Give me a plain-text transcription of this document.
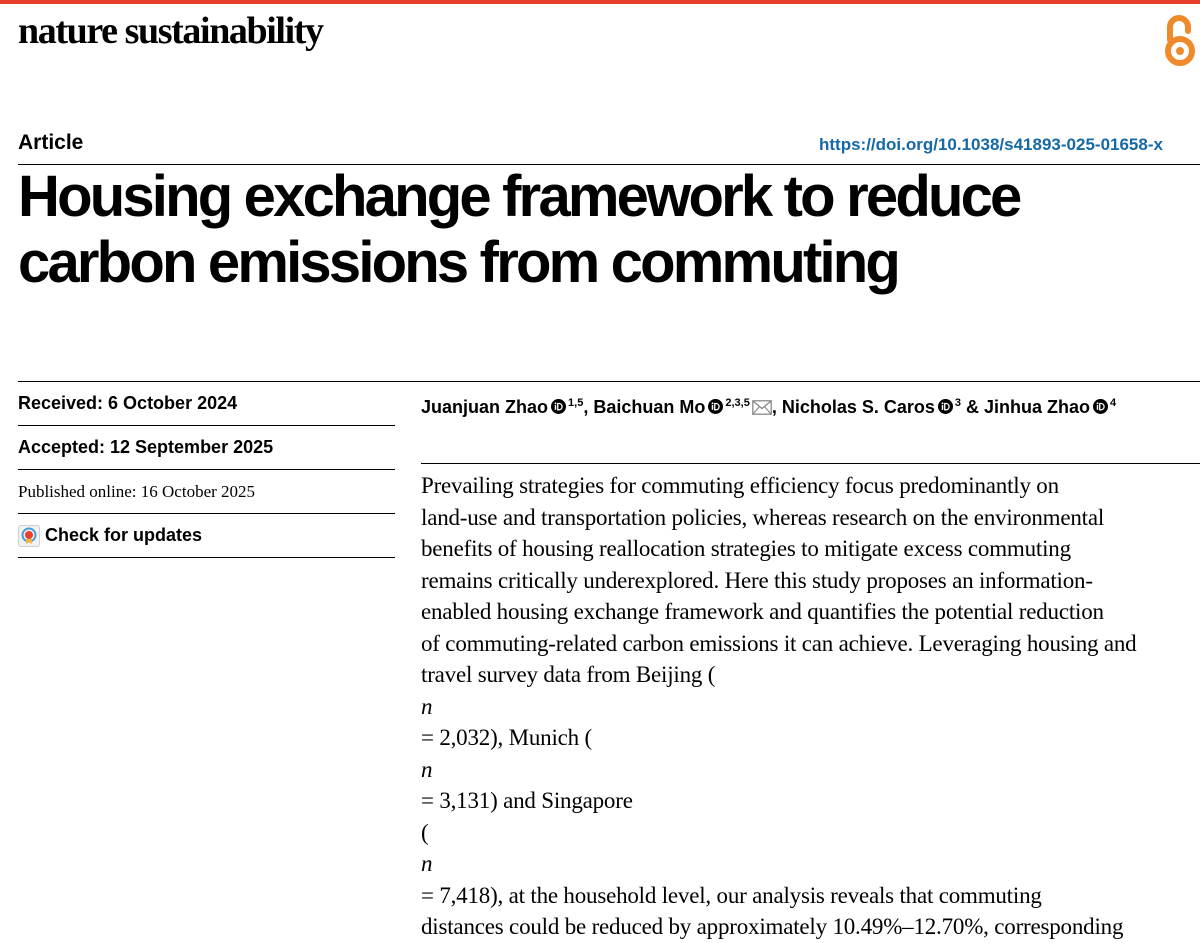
nature sustainability
Article	https://doi.org/10.1038/s41893-025-01658-x
Housing exchange framework to reduce
carbon emissions from commuting
Received: 6 October 2024
Accepted: 12 September 2025
Published online: 16 October 2025
Check for updates
Juanjuan Zhao $^{1,5}$, Baichuan Mo $^{2,3,5}$ , Nicholas S. Caros $^3$ & Jinhua Zhao $^4$
Prevailing strategies for commuting efficiency focus predominantly on
land-use and transportation policies, whereas research on the environmental
benefits of housing reallocation strategies to mitigate excess commuting
remains critically underexplored. Here this study proposes an information-
enabled housing exchange framework and quantifies the potential reduction
of commuting-related carbon emissions it can achieve. Leveraging housing and
travel survey data from Beijing (
n
= 2,032), Munich (
n
= 3,131) and Singapore
(
n
= 7,418), at the household level, our analysis reveals that commuting
distances could be reduced by approximately 10.49%–12.70%, corresponding
